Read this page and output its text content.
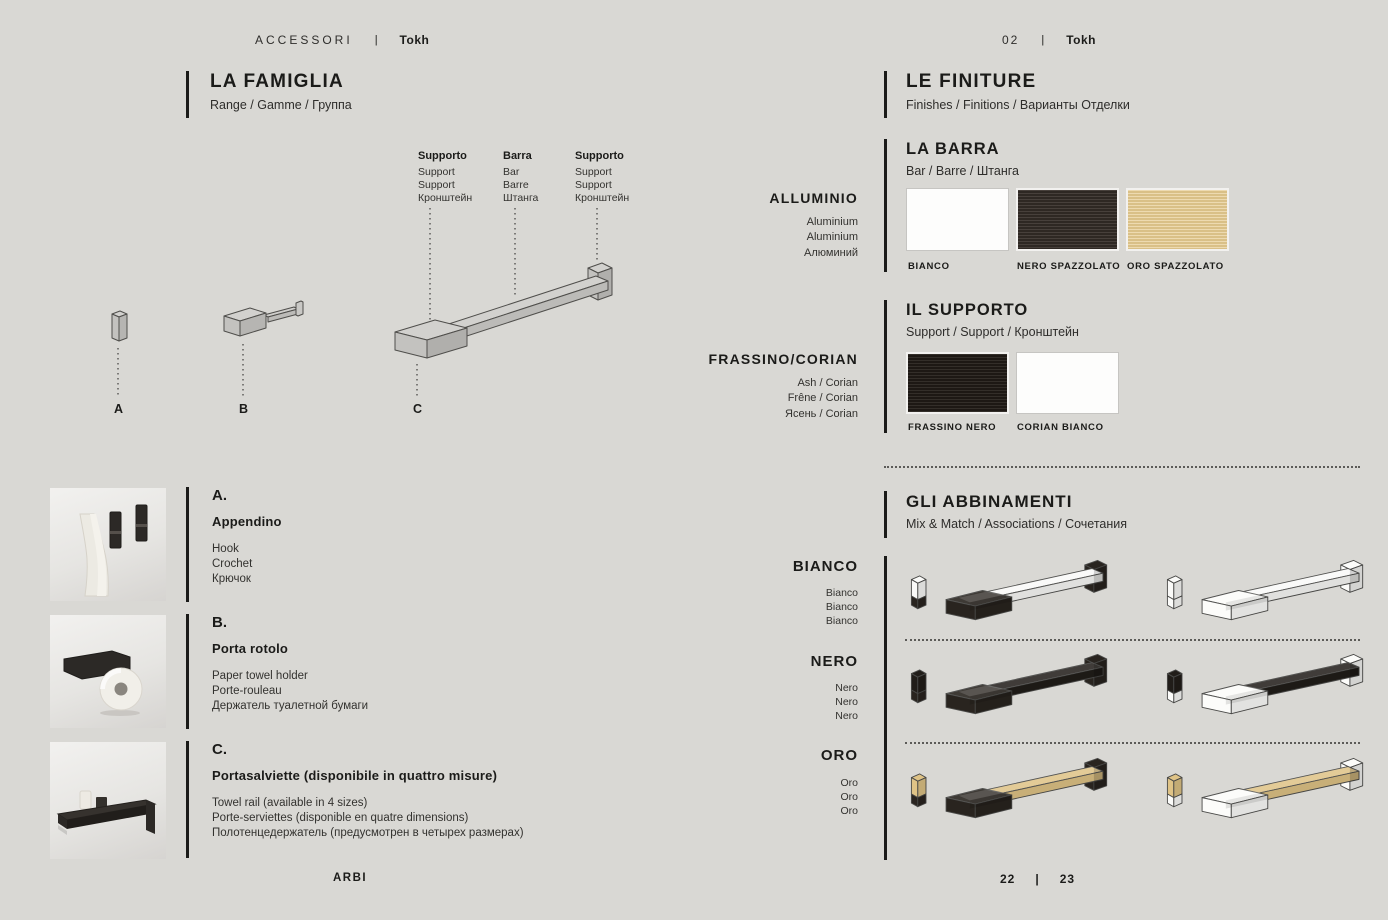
ACCESSORI | Tokh
LA FAMIGLIA
Range / Gamme / Группа
Supporto
Support
Support
Кронштейн
Barra
Bar
Barre
Штанга
Supporto
Support
Support
Кронштейн
A	B	C
A.
Appendino
Hook
Crochet
Крючок
B.
Porta rotolo
Paper towel holder
Porte-rouleau
Держатель туалетной бумаги
C.
Portasalviette (disponibile in quattro misure)
Towel rail (available in 4 sizes)
Porte-serviettes (disponible en quatre dimensions)
Полотенцедержатель (предусмотрен в четырех размерах)
ARBI
02 | Tokh
LE FINITURE
Finishes / Finitions / Варианты Отделки
LA BARRA
Bar / Barre / Штанга
ALLUMINIO
Aluminium
Aluminium
Алюминий
BIANCO	NERO SPAZZOLATO ORO SPAZZOLATO
IL SUPPORTO
Support / Support / Кронштейн
FRASSINO/CORIAN
Ash / Corian
Frêne / Corian
Ясень / Corian
FRASSINO NERO CORIAN BIANCO
GLI ABBINAMENTI
Mix & Match / Associations / Сочетания
BIANCO
Bianco
Bianco
Bianco
NERO
Nero
Nero
Nero
ORO
Oro
Oro
Oro
22 | 23
